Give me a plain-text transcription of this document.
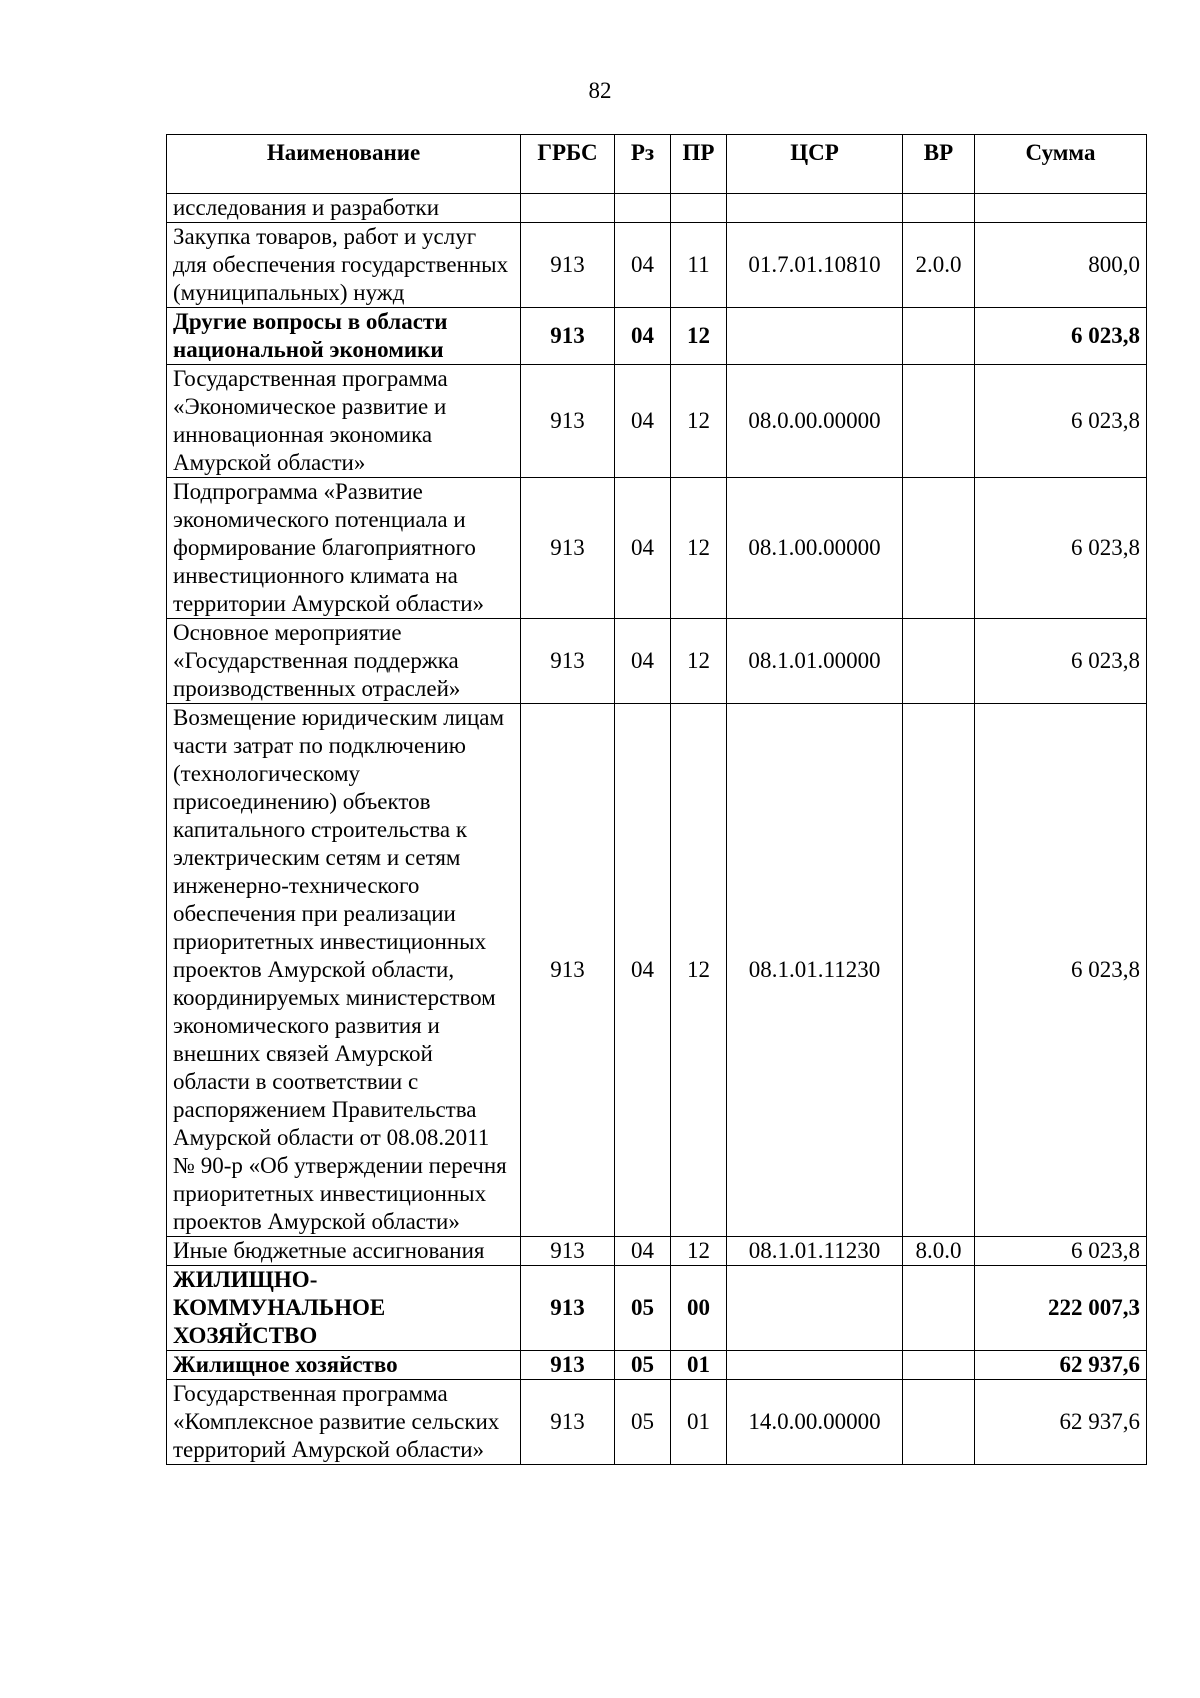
82
Наименование	ГРБС	Рз	ПР	ЦСР	ВР	Сумма
исследования и разработки						
Закупка товаров, работ и услуг для обеспечения государственных (муниципальных) нужд	913	04	11	01.7.01.10810	2.0.0	800,0
Другие вопросы в области национальной экономики	913	04	12			6 023,8
Государственная программа «Экономическое развитие и инновационная экономика Амурской области»	913	04	12	08.0.00.00000		6 023,8
Подпрограмма «Развитие экономического потенциала и формирование благоприятного инвестиционного климата на территории Амурской области»	913	04	12	08.1.00.00000		6 023,8
Основное мероприятие «Государственная поддержка производственных отраслей»	913	04	12	08.1.01.00000		6 023,8
Возмещение юридическим лицам части затрат по подключению (технологическому присоединению) объектов капитального строительства к электрическим сетям и сетям инженерно-технического обеспечения при реализации приоритетных инвестиционных проектов Амурской области, координируемых министерством экономического развития и внешних связей Амурской области в соответствии с распоряжением Правительства Амурской области от 08.08.2011 № 90-р «Об утверждении перечня приоритетных инвестиционных проектов Амурской области»	913	04	12	08.1.01.11230		6 023,8
Иные бюджетные ассигнования	913	04	12	08.1.01.11230	8.0.0	6 023,8
ЖИЛИЩНО-КОММУНАЛЬНОЕ ХОЗЯЙСТВО	913	05	00			222 007,3
Жилищное хозяйство	913	05	01			62 937,6
Государственная программа «Комплексное развитие сельских территорий Амурской области»	913	05	01	14.0.00.00000		62 937,6
